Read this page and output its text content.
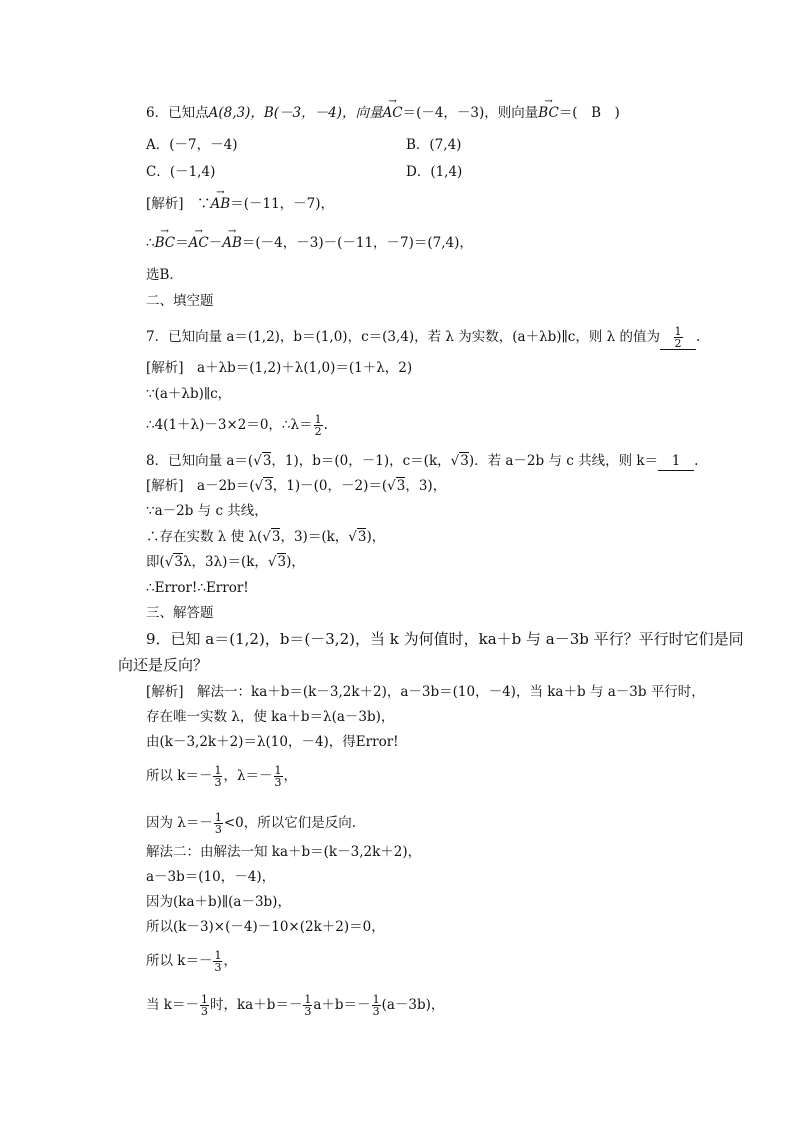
6．已知点A(8,3)，B(－3，－4)，向量→ AC＝(－4，－3)，则向量→ BC＝(　B　)
A．(－7，－4)	B．(7,4)
C．(－1,4)	D．(1,4)
[解析]　 ∵→ AB＝(－11，－7)，
∴→ BC＝→ AC－→ AB＝(－4，－3)－(－11，－7)＝(7,4)，
选B．
二、填空题
7．已知向量 a＝(1,2)，b＝(1,0)，c＝(3,4)，若 λ 为实数，(a＋λb)∥c，则 λ 的值为 $\frac{1}{2}$ .
[解析]　 a＋λb＝(1,2)＋λ(1,0)＝(1＋λ，2)
∵(a＋λb)∥c，
∴4(1＋λ)－3×2＝0，∴λ＝ $\frac{1}{2}$ .
8．已知向量 a＝(√3，1)，b＝(0，－1)，c＝(k，√3)．若 a－2b 与 c 共线，则 k＝ 1 .
[解析]　 a－2b＝(√3，1)－(0，－2)＝(√3，3)，
∵a－2b 与 c 共线，
∴存在实数 λ 使 λ(√3，3)＝(k，√3)，
即(√3λ，3λ)＝(k，√3)，
∴Error!∴Error!
三、解答题
9．已知 a＝(1,2)，b＝(－3,2)，当 k 为何值时，ka＋b 与 a－3b 平行？平行时它们是同
向还是反向？
[解析]　 解法一：ka＋b＝(k－3,2k＋2)，a－3b＝(10，－4)，当 ka＋b 与 a－3b 平行时，
存在唯一实数 λ，使 ka＋b＝λ(a－3b)，
由(k－3,2k＋2)＝λ(10，－4)，得Error!
所以 $k=- \frac{1}{3}$ ，$\lambda=- \frac{1}{3}$ ，
因为 $\lambda=- \frac{1}{3} <0$，所以它们是反向.
解法二：由解法一知 ka＋b＝(k－3,2k＋2)，
a－3b＝(10，－4)，
因为(ka＋b)∥(a－3b)，
所以(k－3)×(－4)－10×(2k＋2)＝0，
所以 $k=- \frac{1}{3}$ ，
当 $k=- \frac{1}{3}$ 时，$ka+b=- \frac{1}{3} a+b=- \frac{1}{3} (a-3b)$，
